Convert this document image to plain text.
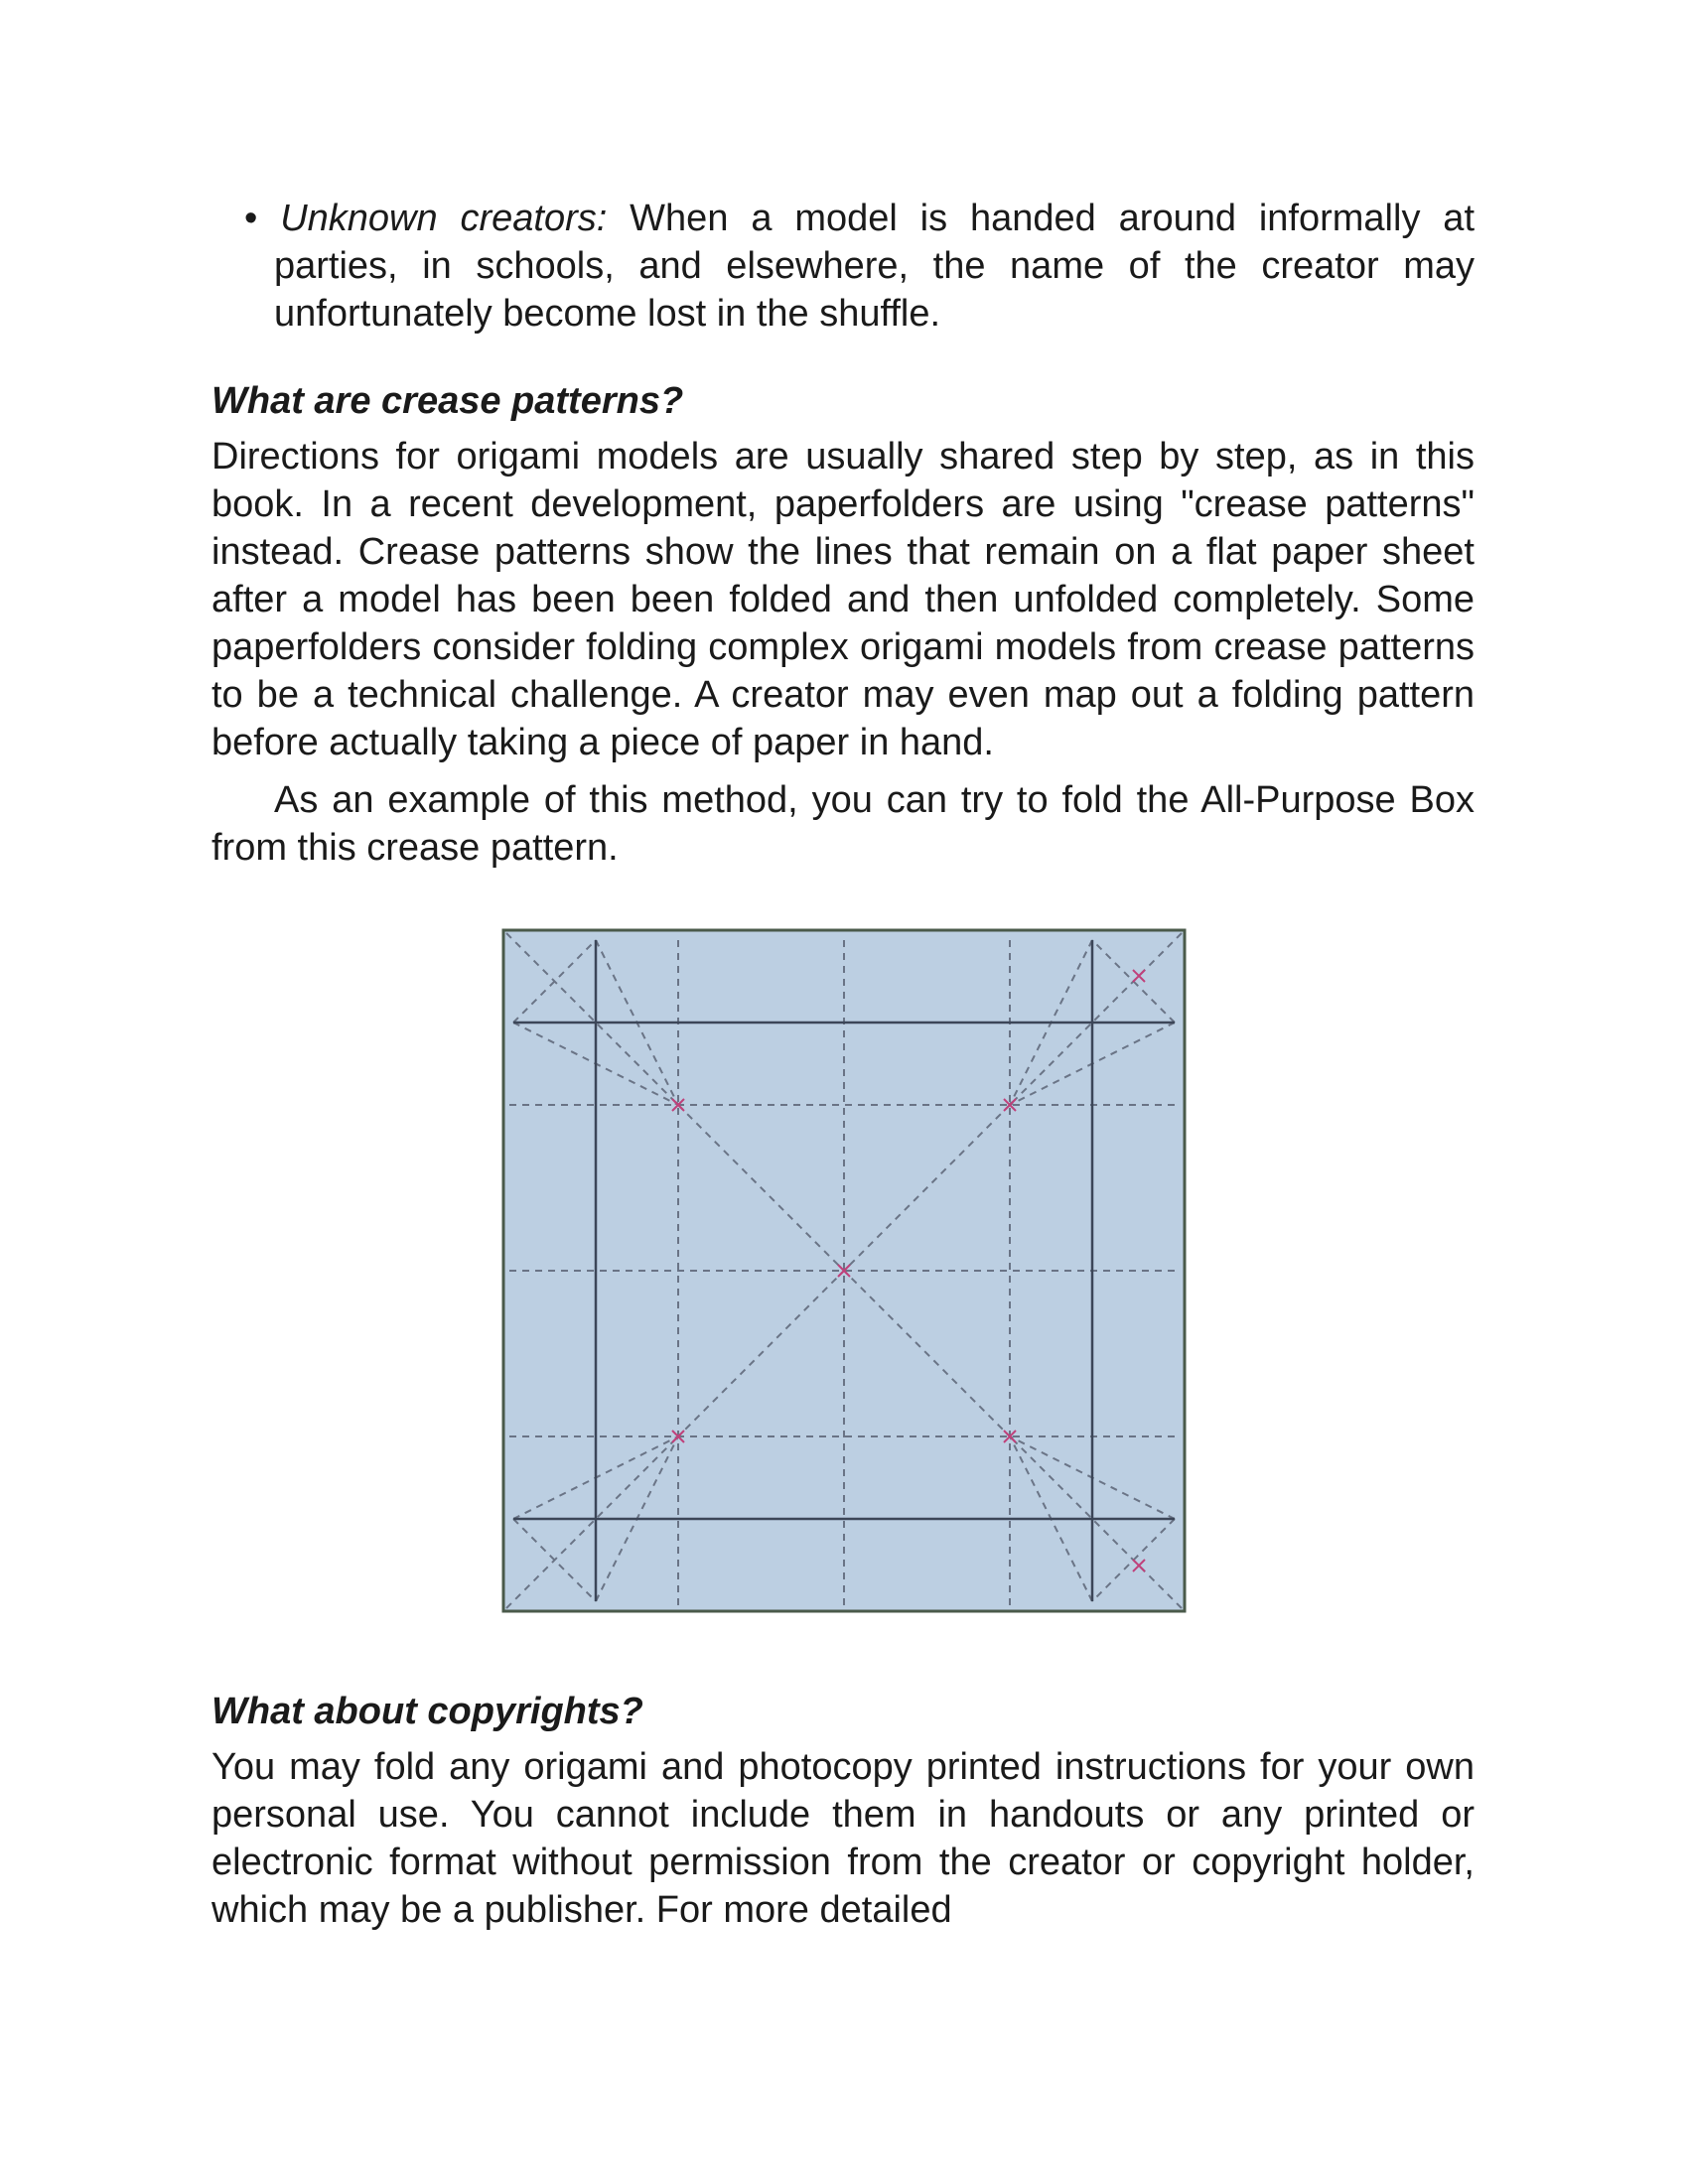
• Unknown creators: When a model is handed around informally at parties, in schools, and elsewhere, the name of the creator may unfortunately become lost in the shuffle.

What are crease patterns?

Directions for origami models are usually shared step by step, as in this book. In a recent development, paperfolders are using "crease patterns" instead. Crease patterns show the lines that remain on a flat paper sheet after a model has been been folded and then unfolded completely. Some paperfolders consider folding complex origami models from crease patterns to be a technical challenge. A creator may even map out a folding pattern before actually taking a piece of paper in hand.

As an example of this method, you can try to fold the All-Purpose Box from this crease pattern.

What about copyrights?

You may fold any origami and photocopy printed instructions for your own personal use. You cannot include them in handouts or any printed or electronic format without permission from the creator or copyright holder, which may be a publisher. For more detailed
